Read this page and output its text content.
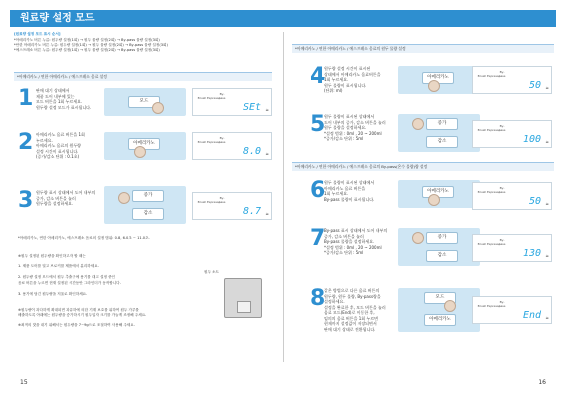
원료량 설정 모드
[원료량 설정 모드 표시 순서]
*아메리카노 버튼 누름: 원두량 설정(1회) → 원두 물량 설정(2회) → By-pass 물량 설정(3회)
*안한 아메리카노 버튼 누름: 원두량 설정(1회) → 원두 물량 설정(2회) → By-pass 물량 설정(3회)
*에스프레소 버튼 누름: 원두량 설정(1회) → 원두 물량 설정(2회) → By-pass 물량 설정(3회)
*아메리카노 / 연한 아메리카노 / 에스프레소 음료 설정
1 판매 대기 상태에서
제품 도어 내부에 있는
모드 버튼을 1회 누르세요.
원두량 설정 모드가 표시됩니다.
모드
BrushEspressoBy-pass
SEt ☕
2 아메리카노 음료 버튼을 1회
누르세요.
아메리카노 음료의 원두량
설정 시간이 표시됩니다.
(증가/감소 단위 : 0.1초)
아메리카노	BrushEspressoBy-pass
8.0 ☕
3 원두량 표시 상태에서 도어 내부의
증가, 감소 버튼을 눌러
원두량을 설정하세요.
증가
감소
BrushEspressoBy-pass
8.7 ☕
*아메리카노, 연한 아메리카노, 에스프레소 음료의 설정 범위: 0.8, 6.0초 ~ 11.0초.

※원두 설정된 원두량을 확인하고자 할 때는

1. 제품 도어를 열고 브로커를 제품에서 분리하세요.

2. 원두량 설정 모드에서 원두 추출구에 용기를 대고 설정 중인

음료 버튼을 누르면 현재 설정된 시간동안 그라인더가 동작합니다.

3. 용기에 담긴 원두량을 저울로 확인하세요.

※원두량이 과다하게 확대되면 과유하에 의한 기계 보호를 위하여 원두 가루를

배출하도록 아래에는 원두량을 증가하시기 원두입자 크기를 가늘게 조정해 주세요.

※최적의 맛을 내기 위해서는 원두량을 7~9g으로 조절하여 사용해 주세요.

원두 소트
15
*아메리카노 / 연한 아메리카노 / 에스프레소 음료의 원두 물량 설정
4
원두량 설정 시간이 표시된
상태에서 아메리카노 음료버튼을
1회 누르세요.
원두 물량이 표시됩니다.
(단위: ml)
아메리카노	BrushEspressoBy-pass
50 ☕
5
원두 물량이 표시된 상태에서
도어 내부의 증가, 감소 버튼을 눌러
원두 물량을 설정하세요.
*설정 범위 : 0ml , 20 ~ 200ml
*증가/감소 단위 : 5ml
증가
감소
BrushEspressoBy-pass
100 ☕
*아메리카노 / 연한 아메리카노 / 에스프레소 음료의 By-pass(온수 물량)량 설정
6
원두 물량이 표시된 상태에서
아메리카노 음료 버튼을
1회 누르세요.
By-pass 물량이 표시됩니다.
아메리카노	BrushEspressoBy-pass
50 ☕
7
By-pass 표시 상태에서 도어 내부의
증가, 감소 버튼을 눌러
By-pass 물량을 설정하세요.
*설정 범위 : 0ml , 20 ~ 200ml
*증가/감소 단위 : 5ml
증가
감소
BrushEspressoBy-pass
130 ☕
8
같은 방법으로 다른 음료 버튼의
원두량, 원두 물량, By-pass량을
설정하세요.
설정을 완료한 후, 모드 버튼을 눌러
음료 모드(End)로 이동한 후,
임의의 음료 버튼을 1회 누르면
현재까지 설정값이 저장되면서
판매 대기 상태로 전환됩니다.
모드
아메리카노
BrushEspressoBy-pass
End ☕
16
